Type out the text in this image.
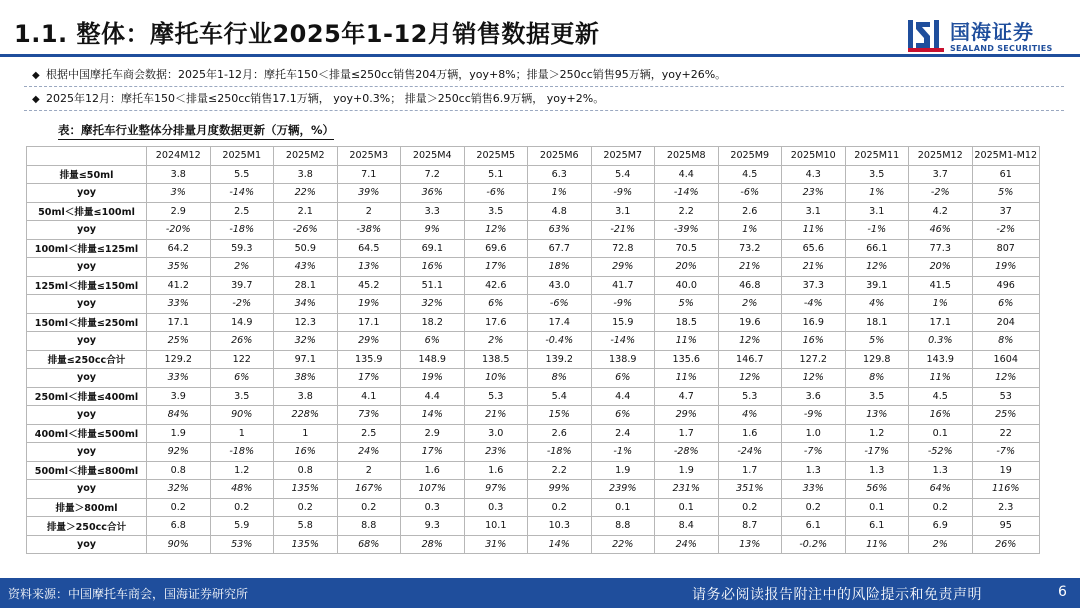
1.1. 整体：摩托车行业2025年1-12月销售数据更新	国海证券
SEALAND SECURITIES
◆ 根据中国摩托车商会数据：2025年1-12月：摩托车150＜排量≤250cc销售204万辆，yoy+8%；排量＞250cc销售95万辆，yoy+26%。
◆ 2025年12月：摩托车150＜排量≤250cc销售17.1万辆， yoy+0.3%； 排量＞250cc销售6.9万辆， yoy+2%。
表：摩托车行业整体分排量月度数据更新（万辆，%）
	2024M12	2025M1	2025M2	2025M3	2025M4	2025M5	2025M6	2025M7	2025M8	2025M9	2025M10	2025M11	2025M12	2025M1-M12
排量≤50ml	3.8	5.5	3.8	7.1	7.2	5.1	6.3	5.4	4.4	4.5	4.3	3.5	3.7	61
yoy	3%	-14%	22%	39%	36%	-6%	1%	-9%	-14%	-6%	23%	1%	-2%	5%
50ml＜排量≤100ml	2.9	2.5	2.1	2	3.3	3.5	4.8	3.1	2.2	2.6	3.1	3.1	4.2	37
yoy	-20%	-18%	-26%	-38%	9%	12%	63%	-21%	-39%	1%	11%	-1%	46%	-2%
100ml＜排量≤125ml	64.2	59.3	50.9	64.5	69.1	69.6	67.7	72.8	70.5	73.2	65.6	66.1	77.3	807
yoy	35%	2%	43%	13%	16%	17%	18%	29%	20%	21%	21%	12%	20%	19%
125ml＜排量≤150ml	41.2	39.7	28.1	45.2	51.1	42.6	43.0	41.7	40.0	46.8	37.3	39.1	41.5	496
yoy	33%	-2%	34%	19%	32%	6%	-6%	-9%	5%	2%	-4%	4%	1%	6%
150ml＜排量≤250ml	17.1	14.9	12.3	17.1	18.2	17.6	17.4	15.9	18.5	19.6	16.9	18.1	17.1	204
yoy	25%	26%	32%	29%	6%	2%	-0.4%	-14%	11%	12%	16%	5%	0.3%	8%
排量≤250cc合计	129.2	122	97.1	135.9	148.9	138.5	139.2	138.9	135.6	146.7	127.2	129.8	143.9	1604
yoy	33%	6%	38%	17%	19%	10%	8%	6%	11%	12%	12%	8%	11%	12%
250ml＜排量≤400ml	3.9	3.5	3.8	4.1	4.4	5.3	5.4	4.4	4.7	5.3	3.6	3.5	4.5	53
yoy	84%	90%	228%	73%	14%	21%	15%	6%	29%	4%	-9%	13%	16%	25%
400ml＜排量≤500ml	1.9	1	1	2.5	2.9	3.0	2.6	2.4	1.7	1.6	1.0	1.2	0.1	22
yoy	92%	-18%	16%	24%	17%	23%	-18%	-1%	-28%	-24%	-7%	-17%	-52%	-7%
500ml＜排量≤800ml	0.8	1.2	0.8	2	1.6	1.6	2.2	1.9	1.9	1.7	1.3	1.3	1.3	19
yoy	32%	48%	135%	167%	107%	97%	99%	239%	231%	351%	33%	56%	64%	116%
排量＞800ml	0.2	0.2	0.2	0.2	0.3	0.3	0.2	0.1	0.1	0.2	0.2	0.1	0.2	2.3
排量＞250cc合计	6.8	5.9	5.8	8.8	9.3	10.1	10.3	8.8	8.4	8.7	6.1	6.1	6.9	95
yoy	90%	53%	135%	68%	28%	31%	14%	22%	24%	13%	-0.2%	11%	2%	26%
资料来源：中国摩托车商会，国海证券研究所	请务必阅读报告附注中的风险提示和免责声明	6
